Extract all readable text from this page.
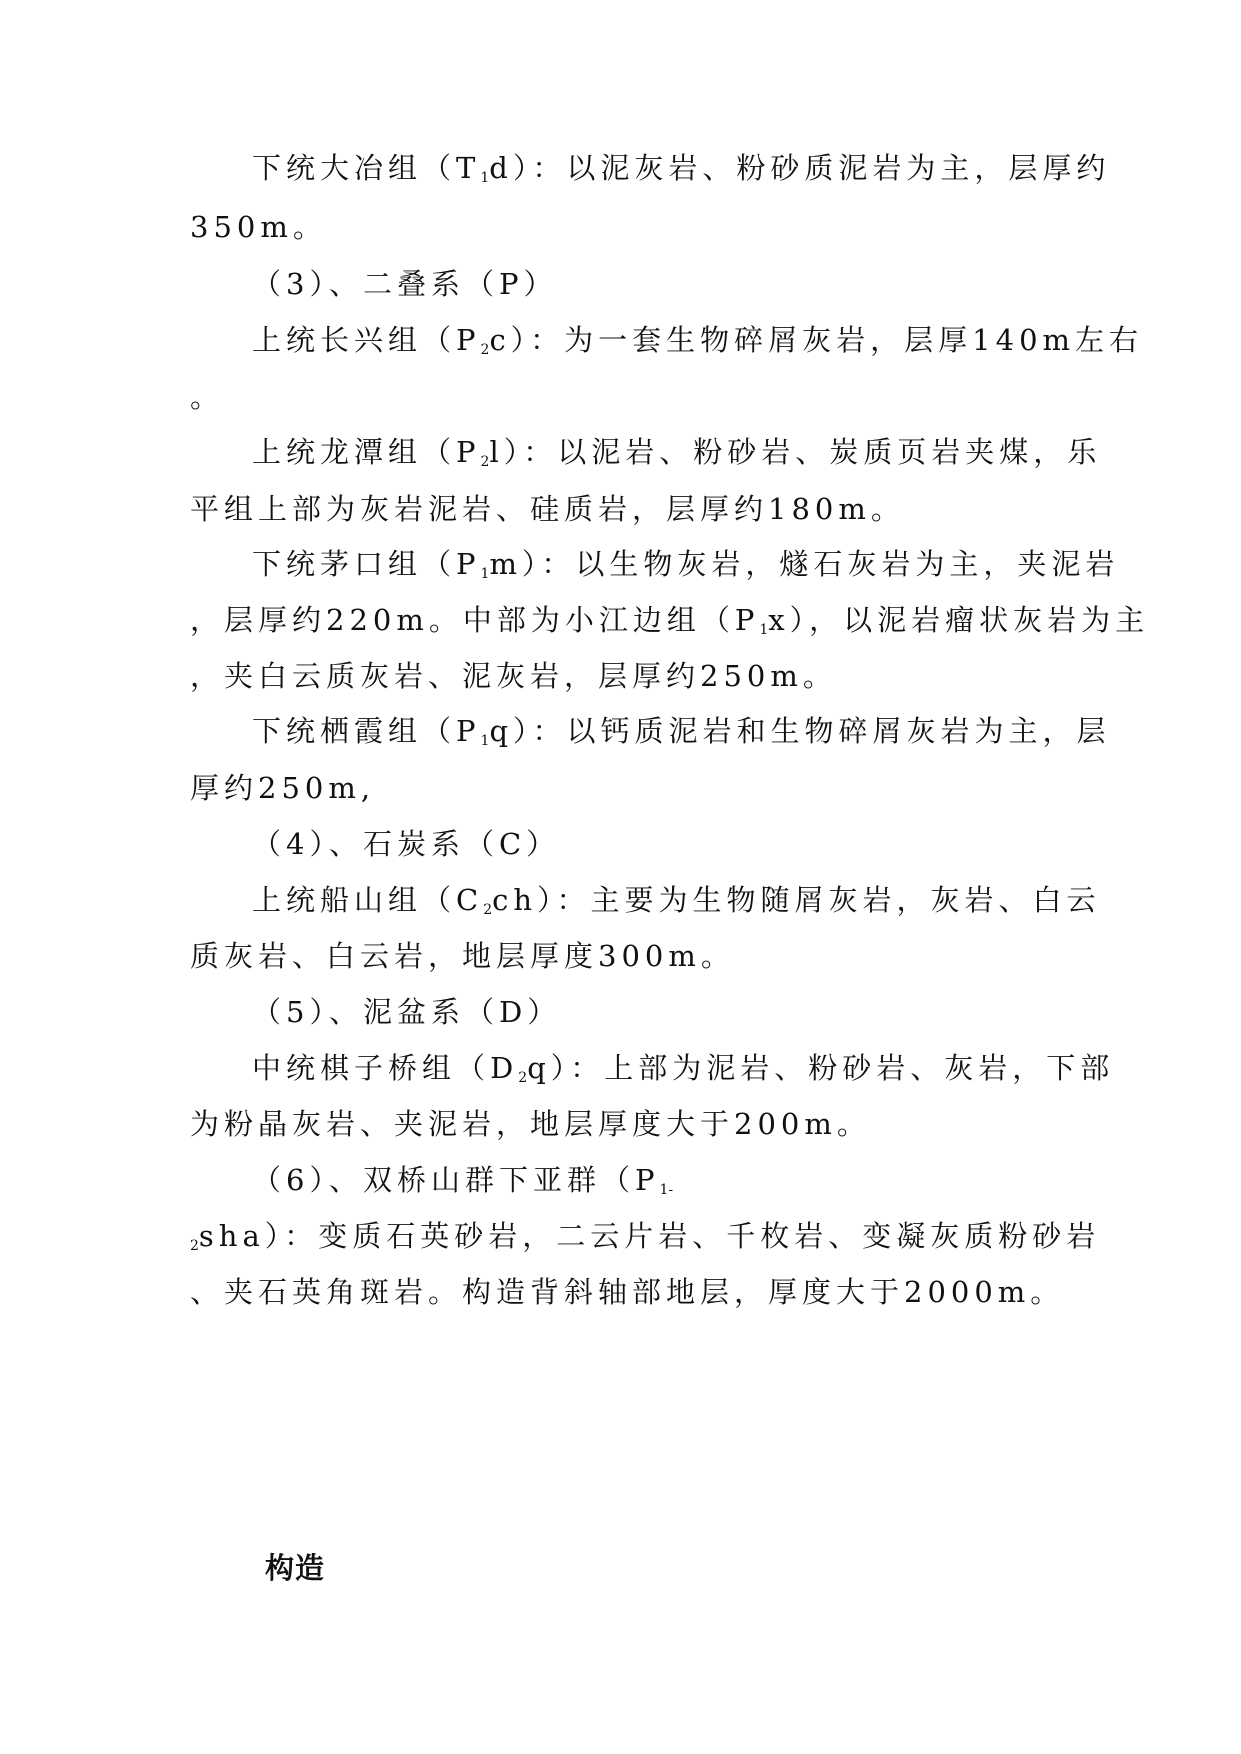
下统大冶组$(T_1d)$：以泥灰岩、粉砂质泥岩为主，层厚约
350m。
（3）、二叠系（P）
上统长兴组$(P_2c)$：为一套生物碎屑灰岩，层厚140m左右
。
上统龙潭组$(P_2l)$：以泥岩、粉砂岩、炭质页岩夹煤，乐
平组上部为灰岩泥岩、硅质岩，层厚约180m。
下统茅口组$(P_1m)$：以生物灰岩，燧石灰岩为主，夹泥岩
，层厚约220m。中部为小江边组$(P_1x)$，以泥岩瘤状灰岩为主
，夹白云质灰岩、泥灰岩，层厚约250m。
下统栖霞组$(P_1q)$：以钙质泥岩和生物碎屑灰岩为主，层
厚约250m,
（4）、石炭系（C）
上统船山组$(C_2ch)$：主要为生物随屑灰岩，灰岩、白云
质灰岩、白云岩，地层厚度300m。
（5）、泥盆系（D）
中统棋子桥组$(D_2q)$：上部为泥岩、粉砂岩、灰岩，下部
为粉晶灰岩、夹泥岩，地层厚度大于200m。
（6）、双桥山群下亚群（$P_{1-}$
$_2$sha）：变质石英砂岩，二云片岩、千枚岩、变凝灰质粉砂岩
、夹石英角斑岩。构造背斜轴部地层，厚度大于2000m。
构造
